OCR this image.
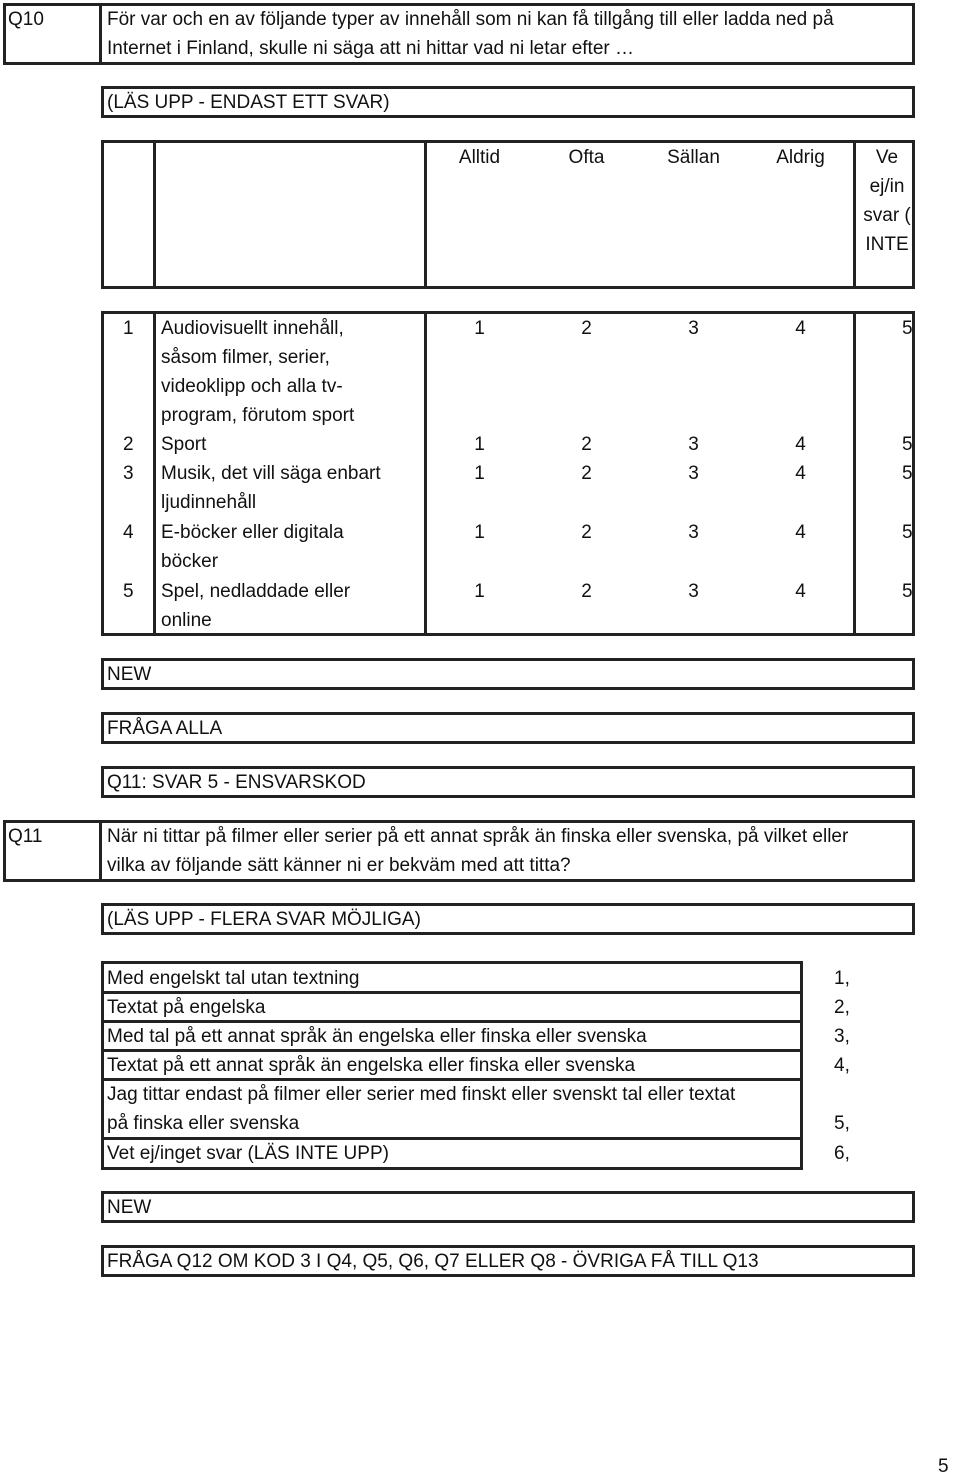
Q10	För var och en av följande typer av innehåll som ni kan få tillgång till eller ladda ned på
Internet i Finland, skulle ni säga att ni hittar vad ni letar efter …
(LÄS UPP - ENDAST ETT SVAR)
Alltid	Ofta	Sällan	Aldrig	Ve
ej/in
svar (
INTE
1 Audiovisuellt innehåll,
såsom filmer, serier,
videoklipp och alla tv-
program, förutom sport
1	2	3	4	5
2 Sport	1	2	3	4	5
3 Musik, det vill säga enbart
ljudinnehåll
1	2	3	4	5
4 E-böcker eller digitala
böcker
1	2	3	4	5
5 Spel, nedladdade eller
online
1	2	3	4	5
NEW
FRÅGA ALLA
Q11: SVAR 5 - ENSVARSKOD
Q11	När ni tittar på filmer eller serier på ett annat språk än finska eller svenska, på vilket eller
vilka av följande sätt känner ni er bekväm med att titta?
(LÄS UPP - FLERA SVAR MÖJLIGA)
Med engelskt tal utan textning	1,
Textat på engelska	2,
Med tal på ett annat språk än engelska eller finska eller svenska	3,
Textat på ett annat språk än engelska eller finska eller svenska	4,
Jag tittar endast på filmer eller serier med finskt eller svenskt tal eller textat
på finska eller svenska	5,
Vet ej/inget svar (LÄS INTE UPP)	6,
NEW
FRÅGA Q12 OM KOD 3 I Q4, Q5, Q6, Q7 ELLER Q8 - ÖVRIGA FÅ TILL Q13
5
